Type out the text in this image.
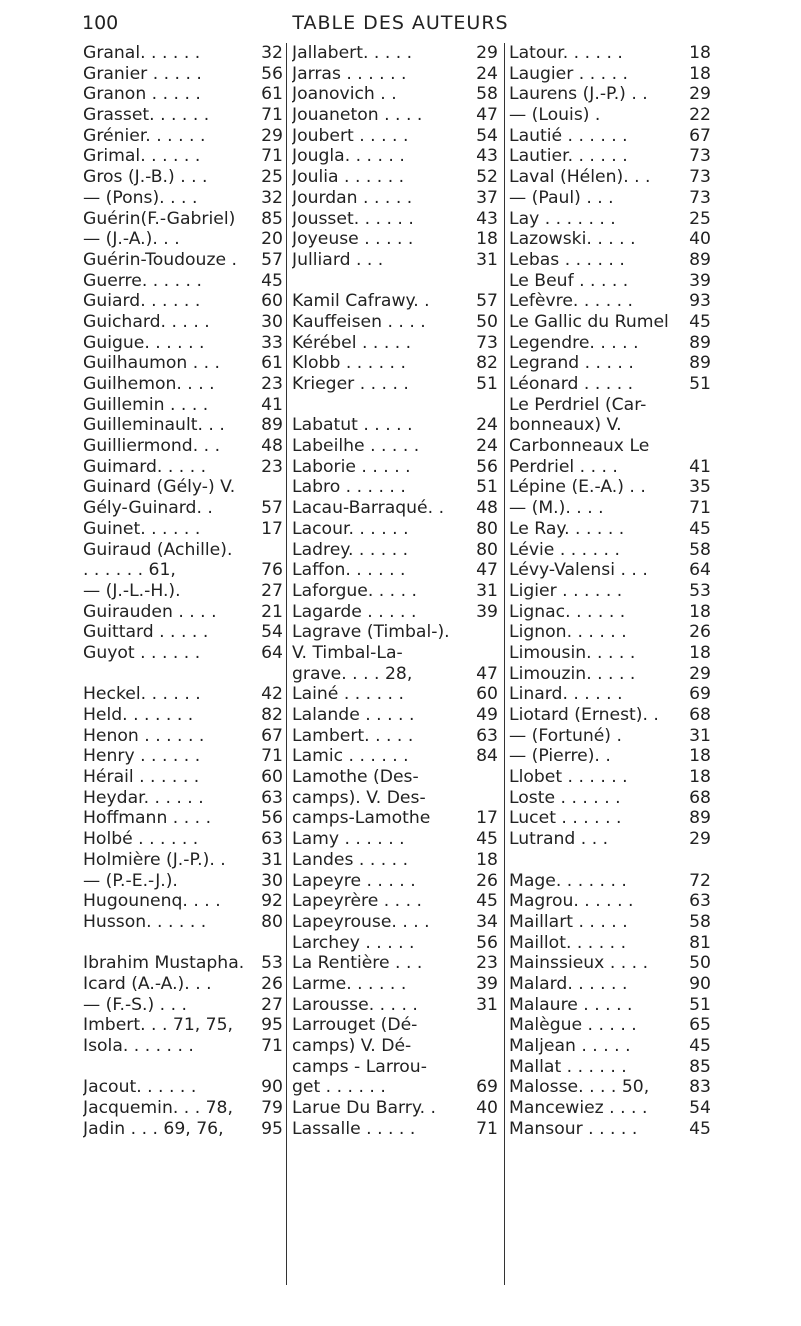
100	TABLE DES AUTEURS
Granal. . . . . .	32
Granier . . . . .	56
Granon . . . . .	61
Grasset. . . . . .	71
Grénier. . . . . .	29
Grimal. . . . . .	71
Gros (J.-B.) . . .	25
— (Pons). . . .	32
Guérin(F.-Gabriel) 85
— (J.-A.). . .	20
Guérin-Toudouze . 57
Guerre. . . . . .	45
Guiard. . . . . .	60
Guichard. . . . .	30
Guigue. . . . . .	33
Guilhaumon . . . 61
Guilhemon. . . .	23
Guillemin . . . .	41
Guilleminault. . . 89
Guilliermond. . . 48
Guimard. . . . .	23
Guinard (Gély-) V.
Gély-Guinard. .	57
Guinet. . . . . .	17
Guiraud (Achille).
. . . . . . 61,	76
— (J.-L.-H.).	27
Guirauden . . . .	21
Guittard . . . . .	54
Guyot . . . . . .	64
Heckel. . . . . .	42
Held. . . . . . .	82
Henon . . . . . .	67
Henry . . . . . .	71
Hérail . . . . . .	60
Heydar. . . . . .	63
Hoffmann . . . .	56
Holbé . . . . . .	63
Holmière (J.-P.). . 31
— (P.-E.-J.).	30
Hugounenq. . . . 92
Husson. . . . . .	80
Ibrahim Mustapha. 53
Icard (A.-A.). . .	26
— (F.-S.) . . .	27
Imbert. . . 71, 75, 95
Isola. . . . . . .	71
Jacout. . . . . .	90
Jacquemin. . . 78, 79
Jadin . . . 69, 76, 95
Jallabert. . . . .	29
Jarras . . . . . .	24
Joanovich . .	58
Jouaneton . . . .	47
Joubert . . . . .	54
Jougla. . . . . .	43
Joulia . . . . . .	52
Jourdan . . . . .	37
Jousset. . . . . .	43
Joyeuse . . . . .	18
Julliard . . .	31
Kamil Cafrawy. .	57
Kauffeisen . . . .	50
Kérébel . . . . .	73
Klobb . . . . . .	82
Krieger . . . . .	51
Labatut . . . . .	24
Labeilhe . . . . .	24
Laborie . . . . .	56
Labro . . . . . .	51
Lacau-Barraqué. . 48
Lacour. . . . . .	80
Ladrey. . . . . .	80
Laffon. . . . . .	47
Laforgue. . . . .	31
Lagarde . . . . .	39
Lagrave (Timbal-).
V. Timbal-La-
grave. . . . 28,	47
Lainé . . . . . .	60
Lalande . . . . .	49
Lambert. . . . .	63
Lamic . . . . . .	84
Lamothe (Des-
camps). V. Des-
camps-Lamothe	17
Lamy . . . . . .	45
Landes . . . . .	18
Lapeyre . . . . .	26
Lapeyrère . . . .	45
Lapeyrouse. . . .	34
Larchey . . . . .	56
La Rentière . . .	23
Larme. . . . . .	39
Larousse. . . . .	31
Larrouget (Dé-
camps) V. Dé-
camps - Larrou-
get . . . . . .	69
Larue Du Barry. . 40
Lassalle . . . . .	71
Latour. . . . . .	18
Laugier . . . . .	18
Laurens (J.-P.) . . 29
— (Louis) .	22
Lautié . . . . . .	67
Lautier. . . . . .	73
Laval (Hélen). . . 73
— (Paul) . . .	73
Lay . . . . . . .	25
Lazowski. . . . .	40
Lebas . . . . . .	89
Le Beuf . . . . .	39
Lefèvre. . . . . .	93
Le Gallic du Rumel 45
Legendre. . . . .	89
Legrand . . . . .	89
Léonard . . . . .	51
Le Perdriel (Car-
bonneaux) V.
Carbonneaux Le
Perdriel . . . .	41
Lépine (E.-A.) . .	35
— (M.). . . .	71
Le Ray. . . . . .	45
Lévie . . . . . .	58
Lévy-Valensi . . . 64
Ligier . . . . . .	53
Lignac. . . . . .	18
Lignon. . . . . .	26
Limousin. . . . .	18
Limouzin. . . . .	29
Linard. . . . . .	69
Liotard (Ernest). . 68
— (Fortuné) .	31
— (Pierre). .	18
Llobet . . . . . .	18
Loste . . . . . .	68
Lucet . . . . . .	89
Lutrand . . .	29
Mage. . . . . . .	72
Magrou. . . . . .	63
Maillart . . . . .	58
Maillot. . . . . .	81
Mainssieux . . . . 50
Malard. . . . . .	90
Malaure . . . . .	51
Malègue . . . . .	65
Maljean . . . . .	45
Mallat . . . . . .	85
Malosse. . . . 50, 83
Mancewiez . . . . 54
Mansour . . . . .	45
